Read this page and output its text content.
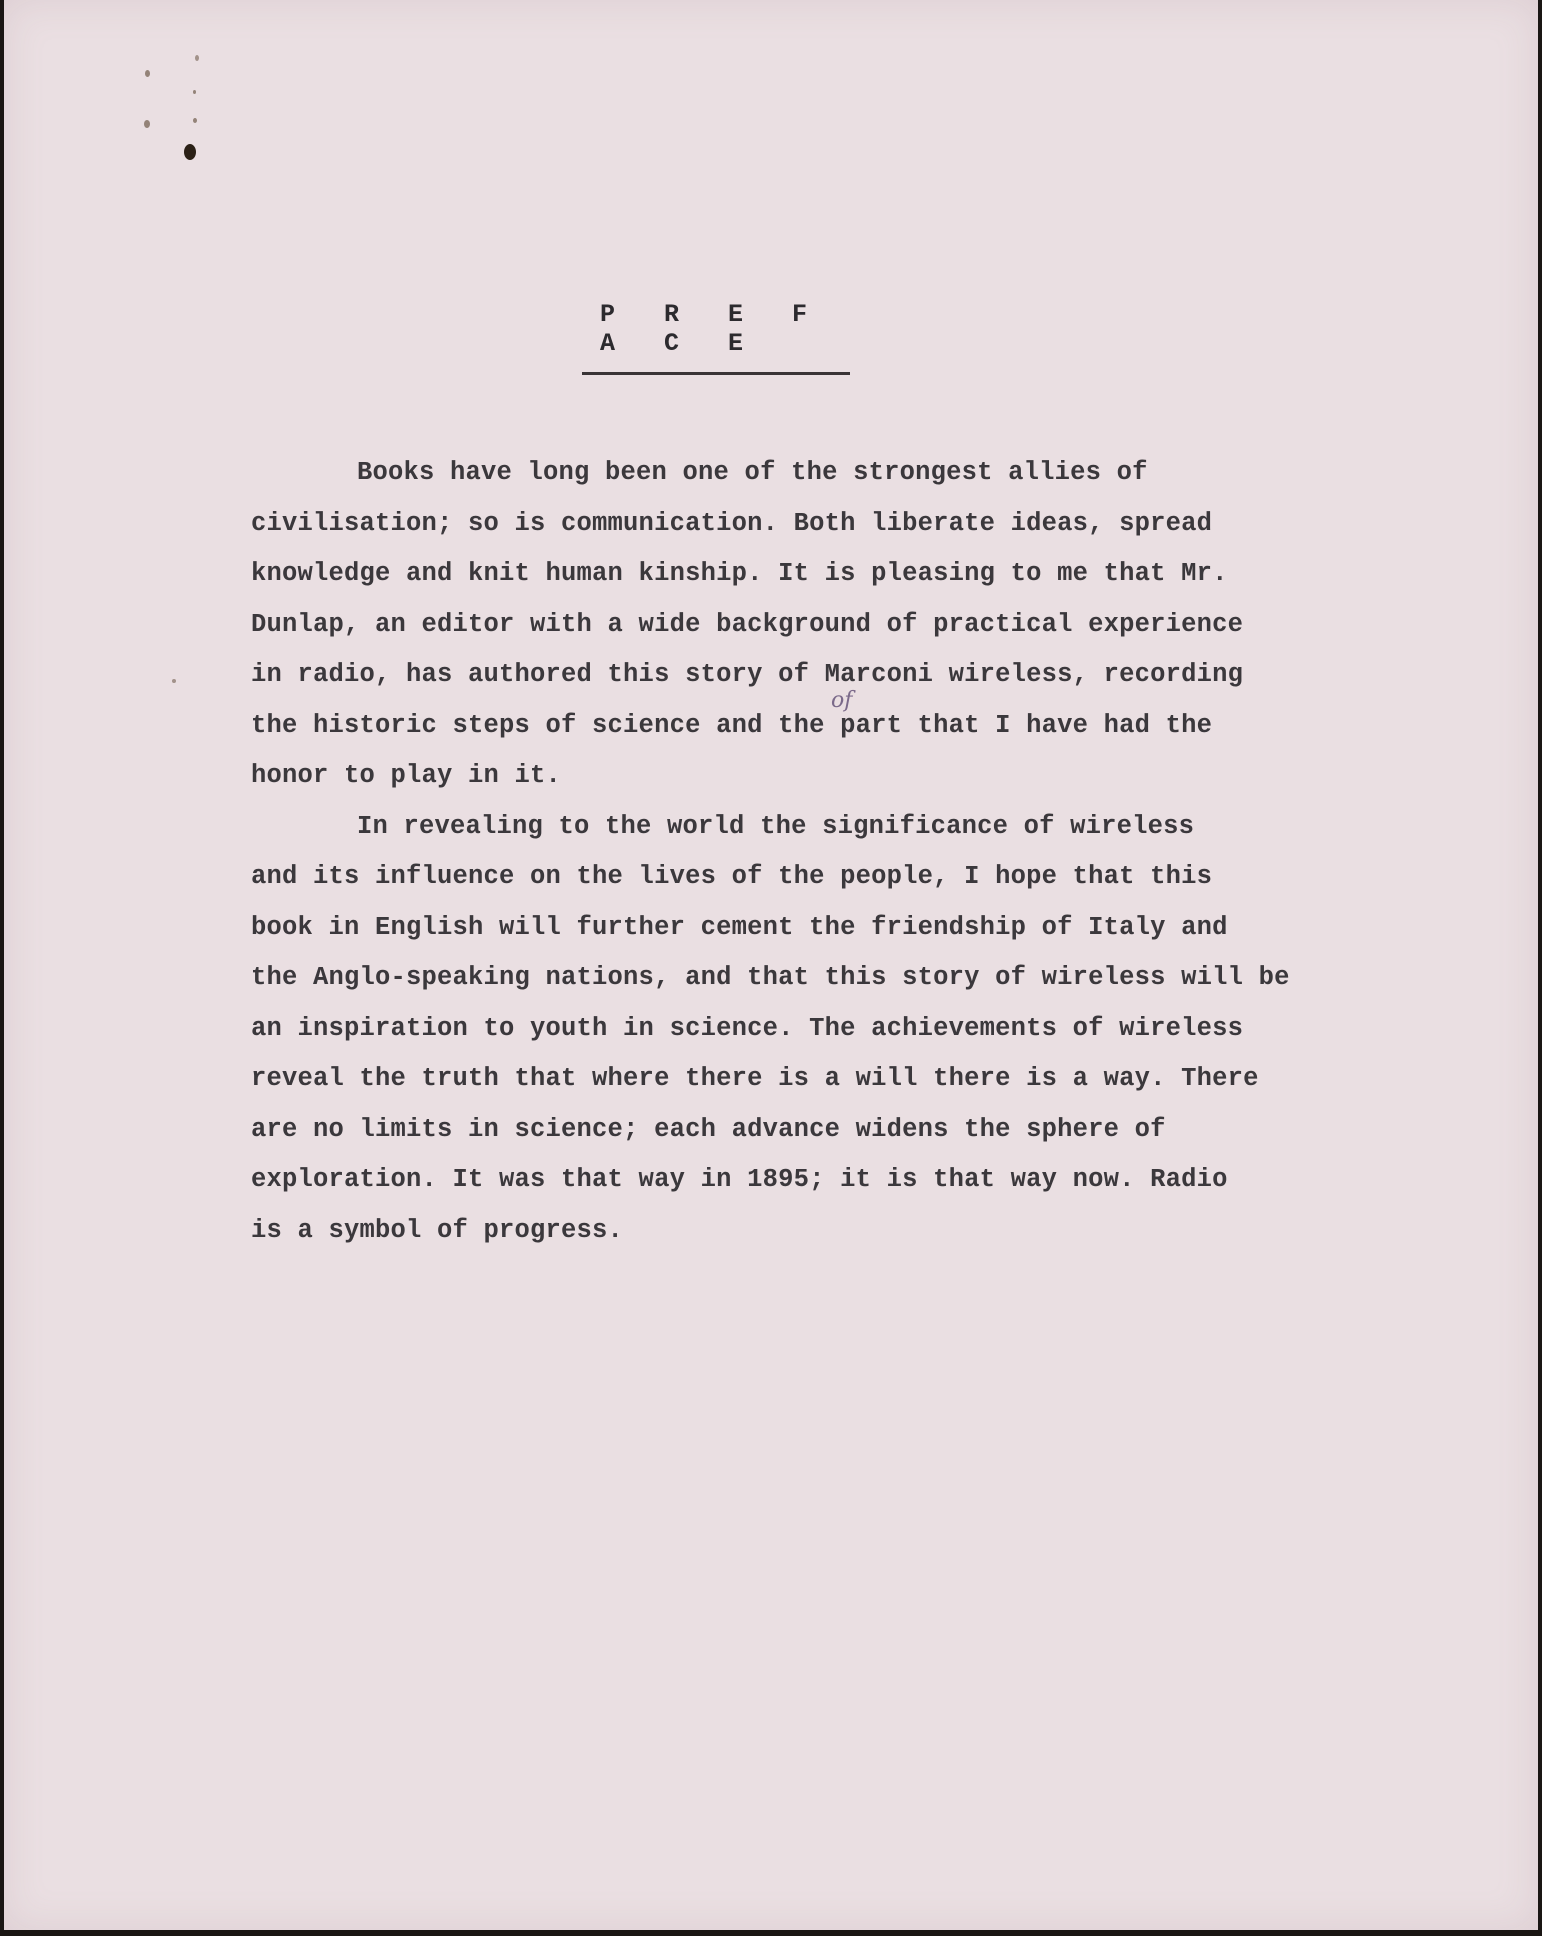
P R E F A C E
Books have long been one of the strongest allies of
civilisation; so is communication. Both liberate ideas, spread
knowledge and knit human kinship. It is pleasing to me that Mr.
Dunlap, an editor with a wide background of practical experience
in radio, has authored this story of Marconi wireless, recording
the historic steps of science and the part that I have had the
honor to play in it.
In revealing to the world the significance of wireless
and its influence on the lives of the people, I hope that this
book in English will further cement the friendship of Italy and
the Anglo-speaking nations, and that this story of wireless will be
an inspiration to youth in science. The achievements of wireless
reveal the truth that where there is a will there is a way. There
are no limits in science; each advance widens the sphere of
exploration. It was that way in 1895; it is that way now. Radio
is a symbol of progress.
of
